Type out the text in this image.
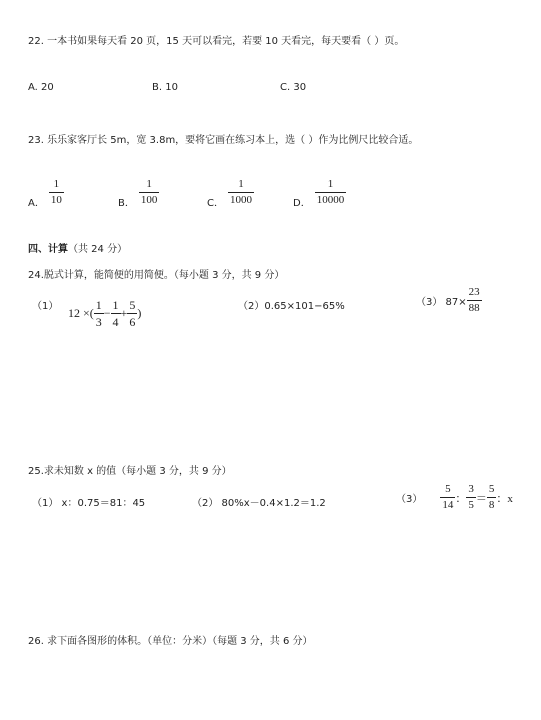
22. 一本书如果每天看 20 页，15 天可以看完，若要 10 天看完，每天要看（ ）页。
A. 20	B. 10	C. 30
23. 乐乐家客厅长 5m，宽 3.8m，要将它画在练习本上，选（ ）作为比例尺比较合适。
A． $\frac{1}{10}$	B． $\frac{1}{100}$	C． $\frac{1}{1000}$	D． $\frac{1}{10000}$
四、计算（共 24 分）
24.脱式计算，能简便的用简便。（每小题 3 分，共 9 分）
（1） 12 ×( $\frac{1}{3} - \frac{1}{4} + \frac{5}{6}$ )	（2）0.65×101−65%	（3） $87\times \frac{23}{88}$
25.求未知数 x 的值（每小题 3 分，共 9 分）
（1） x：0.75＝81：45	（2） 80%x－0.4×1.2＝1.2	$(3) \frac{5}{14}$ ： $\frac{3}{5} = \frac{5}{8}$ ：x
26. 求下面各图形的体积。（单位：分米）（每题 3 分，共 6 分）
